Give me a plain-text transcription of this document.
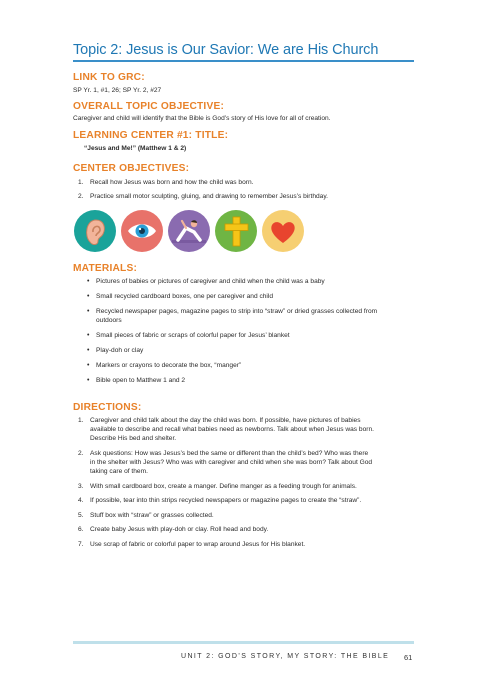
Topic 2: Jesus is Our Savior: We are His Church
LINK TO GRC:
SP Yr. 1, #1, 26; SP Yr. 2, #27
OVERALL TOPIC OBJECTIVE:
Caregiver and child will identify that the Bible is God’s story of His love for all of creation.
LEARNING CENTER #1: TITLE:
“Jesus and Me!” (Matthew 1 & 2)
CENTER OBJECTIVES:
1. Recall how Jesus was born and how the child was born.
2. Practice small motor sculpting, gluing, and drawing to remember Jesus’s birthday.
MATERIALS:
• Pictures of babies or pictures of caregiver and child when the child was a baby
• Small recycled cardboard boxes, one per caregiver and child
• Recycled newspaper pages, magazine pages to strip into “straw” or dried grasses collected from
outdoors
• Small pieces of fabric or scraps of colorful paper for Jesus’ blanket
• Play-doh or clay
• Markers or crayons to decorate the box, “manger”
• Bible open to Matthew 1 and 2
DIRECTIONS:
1. Caregiver and child talk about the day the child was born. If possible, have pictures of babies
available to describe and recall what babies need as newborns. Talk about when Jesus was born.
Describe His bed and shelter.
2. Ask questions: How was Jesus’s bed the same or different than the child’s bed? Who was there
in the shelter with Jesus? Who was with caregiver and child when she was born? Talk about God
taking care of them.
3. With small cardboard box, create a manger. Define manger as a feeding trough for animals.
4. If possible, tear into thin strips recycled newspapers or magazine pages to create the “straw”.
5. Stuff box with “straw” or grasses collected.
6. Create baby Jesus with play-doh or clay. Roll head and body.
7. Use scrap of fabric or colorful paper to wrap around Jesus for His blanket.
UNIT 2: GOD’S STORY, MY STORY: THE BIBLE 61
